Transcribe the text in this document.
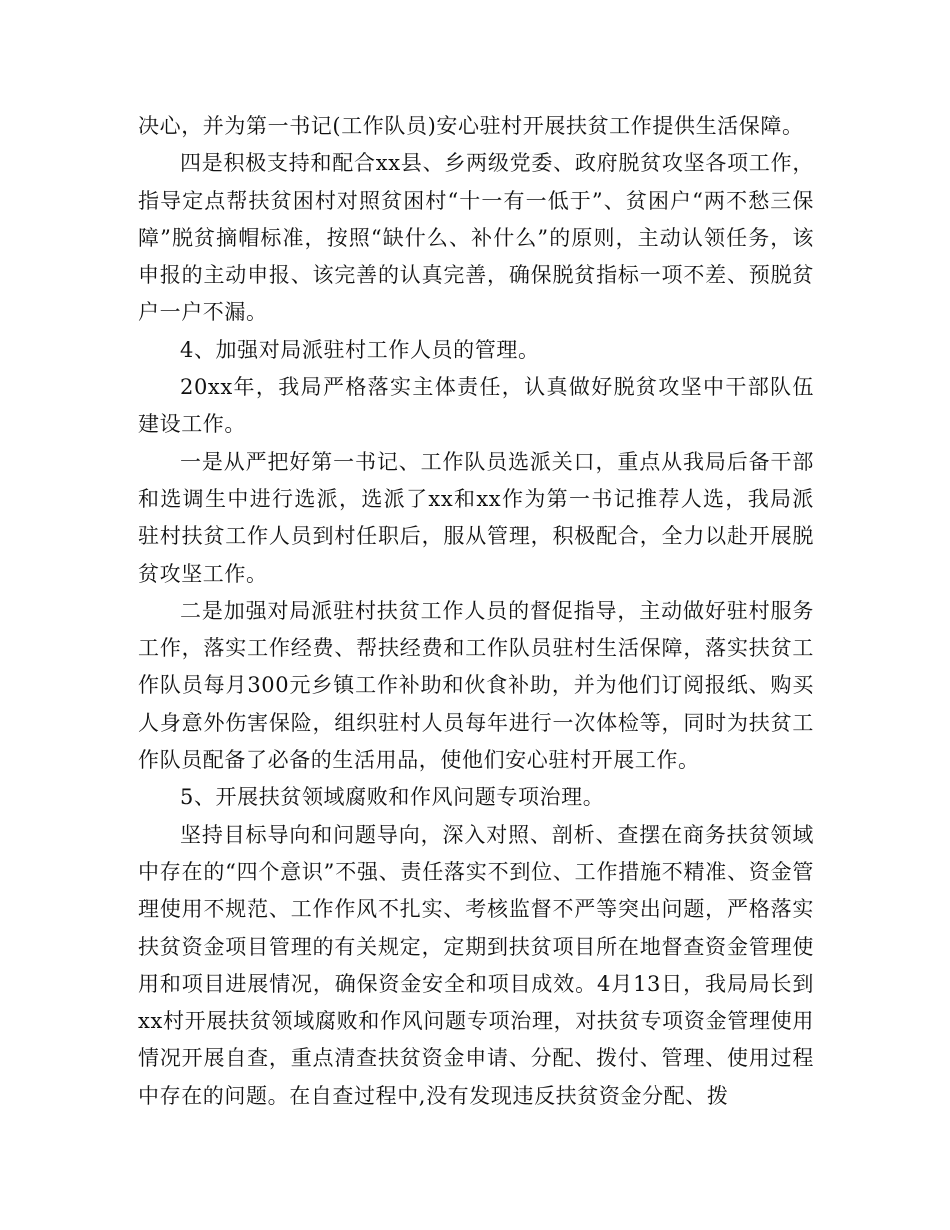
决心，并为第一书记(工作队员)安心驻村开展扶贫工作提供生活保障。

四是积极支持和配合xx县、乡两级党委、政府脱贫攻坚各项工作，指导定点帮扶贫困村对照贫困村“十一有一低于”、贫困户“两不愁三保障”脱贫摘帽标准，按照“缺什么、补什么”的原则，主动认领任务，该申报的主动申报、该完善的认真完善，确保脱贫指标一项不差、预脱贫户一户不漏。

4、加强对局派驻村工作人员的管理。

20xx年，我局严格落实主体责任，认真做好脱贫攻坚中干部队伍建设工作。

一是从严把好第一书记、工作队员选派关口，重点从我局后备干部和选调生中进行选派，选派了xx和xx作为第一书记推荐人选，我局派驻村扶贫工作人员到村任职后，服从管理，积极配合，全力以赴开展脱贫攻坚工作。

二是加强对局派驻村扶贫工作人员的督促指导，主动做好驻村服务工作，落实工作经费、帮扶经费和工作队员驻村生活保障，落实扶贫工作队员每月300元乡镇工作补助和伙食补助，并为他们订阅报纸、购买人身意外伤害保险，组织驻村人员每年进行一次体检等，同时为扶贫工作队员配备了必备的生活用品，使他们安心驻村开展工作。

5、开展扶贫领域腐败和作风问题专项治理。

坚持目标导向和问题导向，深入对照、剖析、查摆在商务扶贫领域中存在的“四个意识”不强、责任落实不到位、工作措施不精准、资金管理使用不规范、工作作风不扎实、考核监督不严等突出问题，严格落实扶贫资金项目管理的有关规定，定期到扶贫项目所在地督查资金管理使用和项目进展情况，确保资金安全和项目成效。4月13日，我局局长到xx村开展扶贫领域腐败和作风问题专项治理，对扶贫专项资金管理使用情况开展自查，重点清查扶贫资金申请、分配、拨付、管理、使用过程中存在的问题。在自查过程中,没有发现违反扶贫资金分配、拨
